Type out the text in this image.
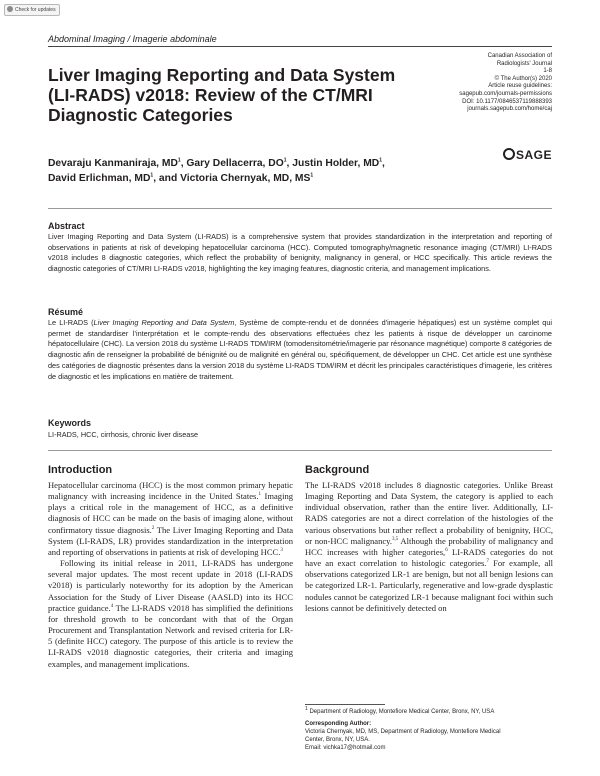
Check for updates
Abdominal Imaging / Imagerie abdominale
Canadian Association of
Radiologists' Journal
1-8
© The Author(s) 2020
Article reuse guidelines:
sagepub.com/journals-permissions
DOI: 10.1177/0846537119888393
journals.sagepub.com/home/caj
SAGE
Liver Imaging Reporting and Data System
(LI-RADS) v2018: Review of the CT/MRI
Diagnostic Categories
Devaraju Kanmaniraja, $MD^1$, Gary Dellacerra, $DO^1$, Justin Holder, $MD^1$,
David Erlichman, $MD^1$, and Victoria Chernyak, MD, $MS^1$
Abstract

Liver Imaging Reporting and Data System (LI-RADS) is a comprehensive system that provides standardization in the interpretation and reporting of observations in patients at risk of developing hepatocellular carcinoma (HCC). Computed tomography/magnetic resonance imaging (CT/MRI) LI-RADS v2018 includes 8 diagnostic categories, which reflect the probability of benignity, malignancy in general, or HCC specifically. This article reviews the diagnostic categories of CT/MRI LI-RADS v2018, highlighting the key imaging features, diagnostic criteria, and management implications.

Résumé

Le LI-RADS (Liver Imaging Reporting and Data System, Système de compte-rendu et de données d'imagerie hépatiques) est un système complet qui permet de standardiser l'interprétation et le compte-rendu des observations effectuées chez les patients à risque de développer un carcinome hépatocellulaire (CHC). La version 2018 du système LI-RADS TDM/IRM (tomodensitométrie/imagerie par résonance magnétique) comporte 8 catégories de diagnostic afin de renseigner la probabilité de bénignité ou de malignité en général ou, spécifiquement, de développer un CHC. Cet article est une synthèse des catégories de diagnostic présentes dans la version 2018 du système LI-RADS TDM/IRM et décrit les principales caractéristiques d'imagerie, les critères de diagnostic et les implications en matière de traitement.

Keywords

LI-RADS, HCC, cirrhosis, chronic liver disease

Introduction

Hepatocellular carcinoma (HCC) is the most common primary hepatic malignancy with increasing incidence in the United States.$^1$ Imaging plays a critical role in the management of HCC, as a definitive diagnosis of HCC can be made on the basis of imaging alone, without confirmatory tissue diagnosis.$^2$ The Liver Imaging Reporting and Data System (LI-RADS, LR) provides standardization in the interpretation and reporting of observations in patients at risk of developing HCC.$^3$

Following its initial release in 2011, LI-RADS has undergone several major updates. The most recent update in 2018 (LI-RADS v2018) is particularly noteworthy for its adoption by the American Association for the Study of Liver Disease (AASLD) into its HCC practice guidance.$^4$ The LI-RADS v2018 has simplified the definitions for threshold growth to be concordant with that of the Organ Procurement and Transplantation Network and revised criteria for LR-5 (definite HCC) category. The purpose of this article is to review the LI-RADS v2018 diagnostic categories, their criteria and imaging examples, and management implications.

Background

The LI-RADS v2018 includes 8 diagnostic categories. Unlike Breast Imaging Reporting and Data System, the category is applied to each individual observation, rather than the entire liver. Additionally, LI-RADS categories are not a direct correlation of the histologies of the various observations but rather reflect a probability of benignity, HCC, or non-HCC malignancy.$^{3,5}$ Although the probability of malignancy and HCC increases with higher categories,$^6$ LI-RADS categories do not have an exact correlation to histologic categories.$^7$ For example, all observations categorized LR-1 are benign, but not all benign lesions can be categorized LR-1. Particularly, regenerative and low-grade dysplastic nodules cannot be categorized LR-1 because malignant foci within such lesions cannot be definitively detected on

$^1$ Department of Radiology, Montefiore Medical Center, Bronx, NY, USA

Corresponding Author:
Victoria Chernyak, MD, MS, Department of Radiology, Montefiore Medical
Center, Bronx, NY, USA.
Email: vichka17@hotmail.com
